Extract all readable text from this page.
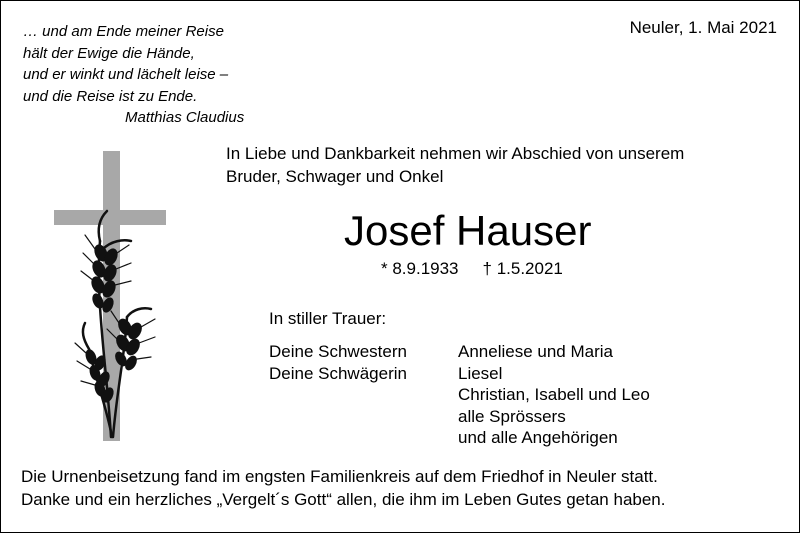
… und am Ende meiner Reise
hält der Ewige die Hände,
und er winkt und lächelt leise –
und die Reise ist zu Ende.
Matthias Claudius
Neuler, 1. Mai 2021
In Liebe und Dankbarkeit nehmen wir Abschied von unserem
Bruder, Schwager und Onkel
Josef Hauser
* 8.9.1933 † 1.5.2021
In stiller Trauer:
Deine Schwestern	Anneliese und Maria
Deine Schwägerin	Liesel
Christian, Isabell und Leo
alle Sprössers
und alle Angehörigen
Die Urnenbeisetzung fand im engsten Familienkreis auf dem Friedhof in Neuler statt.
Danke und ein herzliches „Vergelt´s Gott“ allen, die ihm im Leben Gutes getan haben.
